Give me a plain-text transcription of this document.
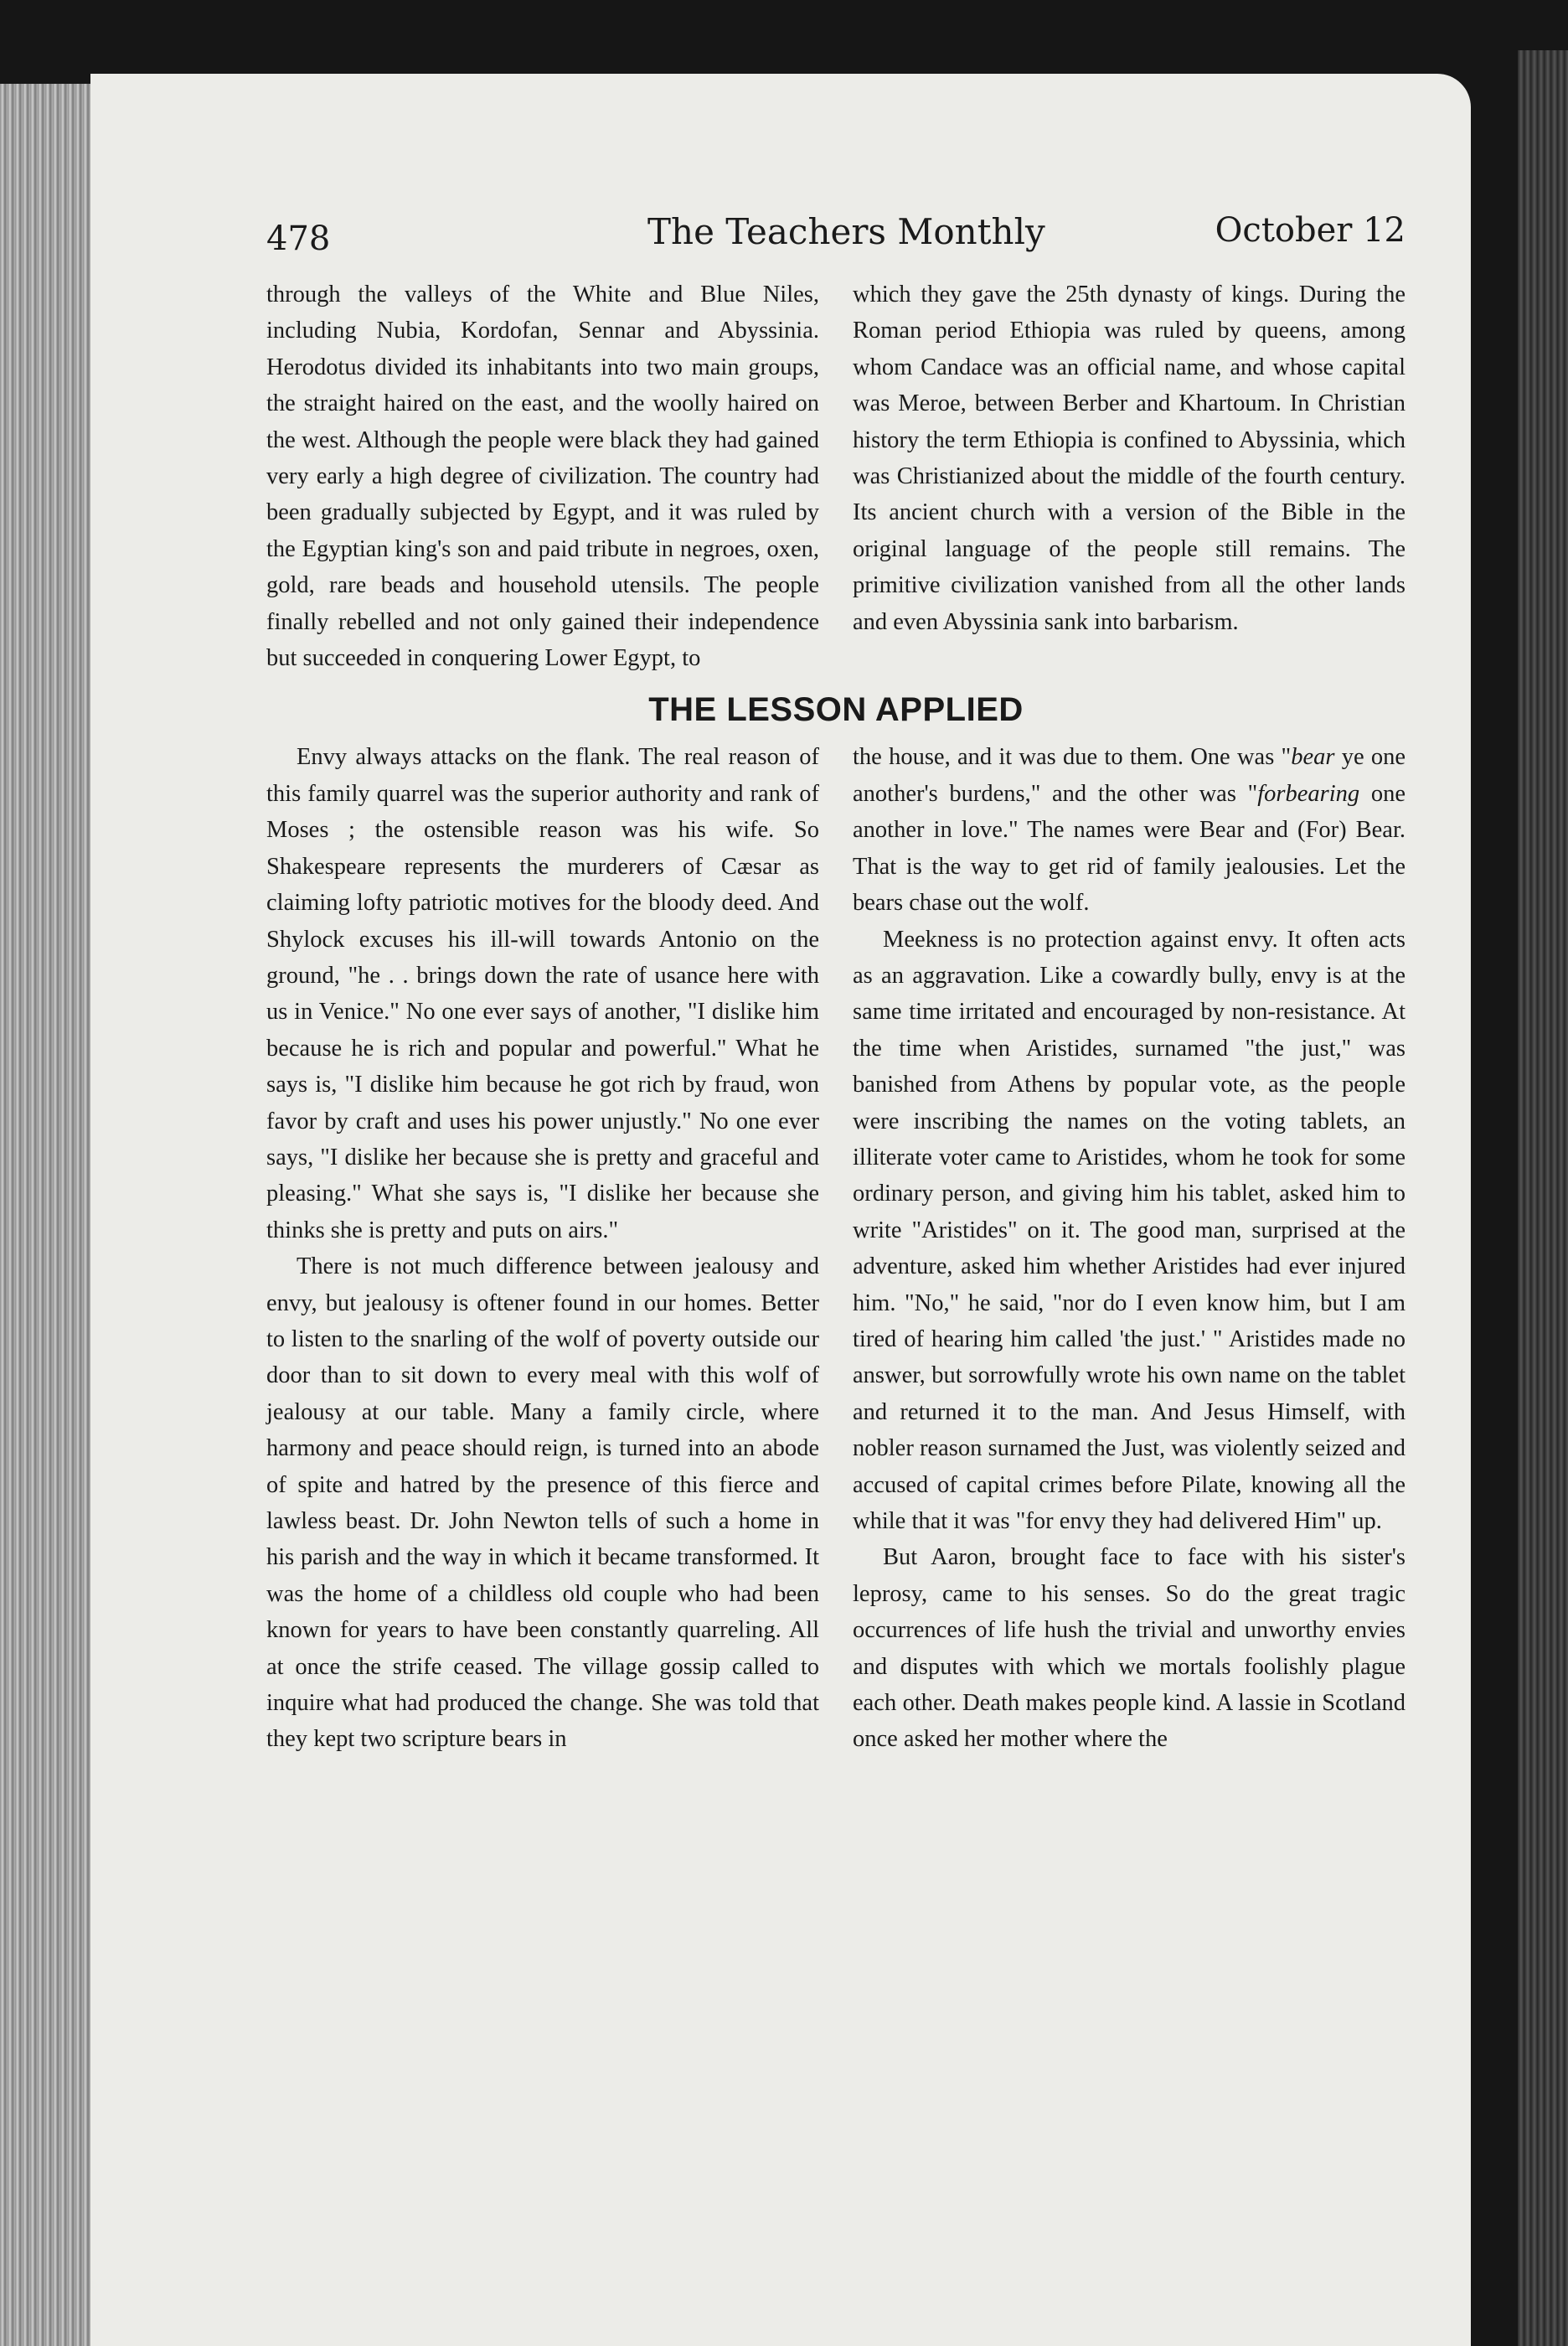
478	The Teachers Monthly	October 12

through the valleys of the White and Blue Niles, including Nubia, Kordofan, Sennar and Abyssinia. Herodotus divided its inhabitants into two main groups, the straight haired on the east, and the woolly haired on the west. Although the people were black they had gained very early a high degree of civilization. The country had been gradually subjected by Egypt, and it was ruled by the Egyptian king's son and paid tribute in negroes, oxen, gold, rare beads and household utensils. The people finally rebelled and not only gained their independence but succeeded in conquering Lower Egypt, to

which they gave the 25th dynasty of kings. During the Roman period Ethiopia was ruled by queens, among whom Candace was an official name, and whose capital was Meroe, between Berber and Khartoum. In Christian history the term Ethiopia is confined to Abyssinia, which was Christianized about the middle of the fourth century. Its ancient church with a version of the Bible in the original language of the people still remains. The primitive civilization vanished from all the other lands and even Abyssinia sank into barbarism.

THE LESSON APPLIED

Envy always attacks on the flank. The real reason of this family quarrel was the superior authority and rank of Moses ; the ostensible reason was his wife. So Shakespeare represents the murderers of Cæsar as claiming lofty patriotic motives for the bloody deed. And Shylock excuses his ill-will towards Antonio on the ground, "he . . brings down the rate of usance here with us in Venice." No one ever says of another, "I dislike him because he is rich and popular and powerful." What he says is, "I dislike him because he got rich by fraud, won favor by craft and uses his power unjustly." No one ever says, "I dislike her because she is pretty and graceful and pleasing." What she says is, "I dislike her because she thinks she is pretty and puts on airs."

There is not much difference between jealousy and envy, but jealousy is oftener found in our homes. Better to listen to the snarling of the wolf of poverty outside our door than to sit down to every meal with this wolf of jealousy at our table. Many a family circle, where harmony and peace should reign, is turned into an abode of spite and hatred by the presence of this fierce and lawless beast. Dr. John Newton tells of such a home in his parish and the way in which it became transformed. It was the home of a childless old couple who had been known for years to have been constantly quarreling. All at once the strife ceased. The village gossip called to inquire what had produced the change. She was told that they kept two scripture bears in

the house, and it was due to them. One was "bear ye one another's burdens," and the other was "forbearing one another in love." The names were Bear and (For) Bear. That is the way to get rid of family jealousies. Let the bears chase out the wolf.

Meekness is no protection against envy. It often acts as an aggravation. Like a cowardly bully, envy is at the same time irritated and encouraged by non-resistance. At the time when Aristides, surnamed "the just," was banished from Athens by popular vote, as the people were inscribing the names on the voting tablets, an illiterate voter came to Aristides, whom he took for some ordinary person, and giving him his tablet, asked him to write "Aristides" on it. The good man, surprised at the adventure, asked him whether Aristides had ever injured him. "No," he said, "nor do I even know him, but I am tired of hearing him called 'the just.' " Aristides made no answer, but sorrowfully wrote his own name on the tablet and returned it to the man. And Jesus Himself, with nobler reason surnamed the Just, was violently seized and accused of capital crimes before Pilate, knowing all the while that it was "for envy they had delivered Him" up.

But Aaron, brought face to face with his sister's leprosy, came to his senses. So do the great tragic occurrences of life hush the trivial and unworthy envies and disputes with which we mortals foolishly plague each other. Death makes people kind. A lassie in Scotland once asked her mother where the
